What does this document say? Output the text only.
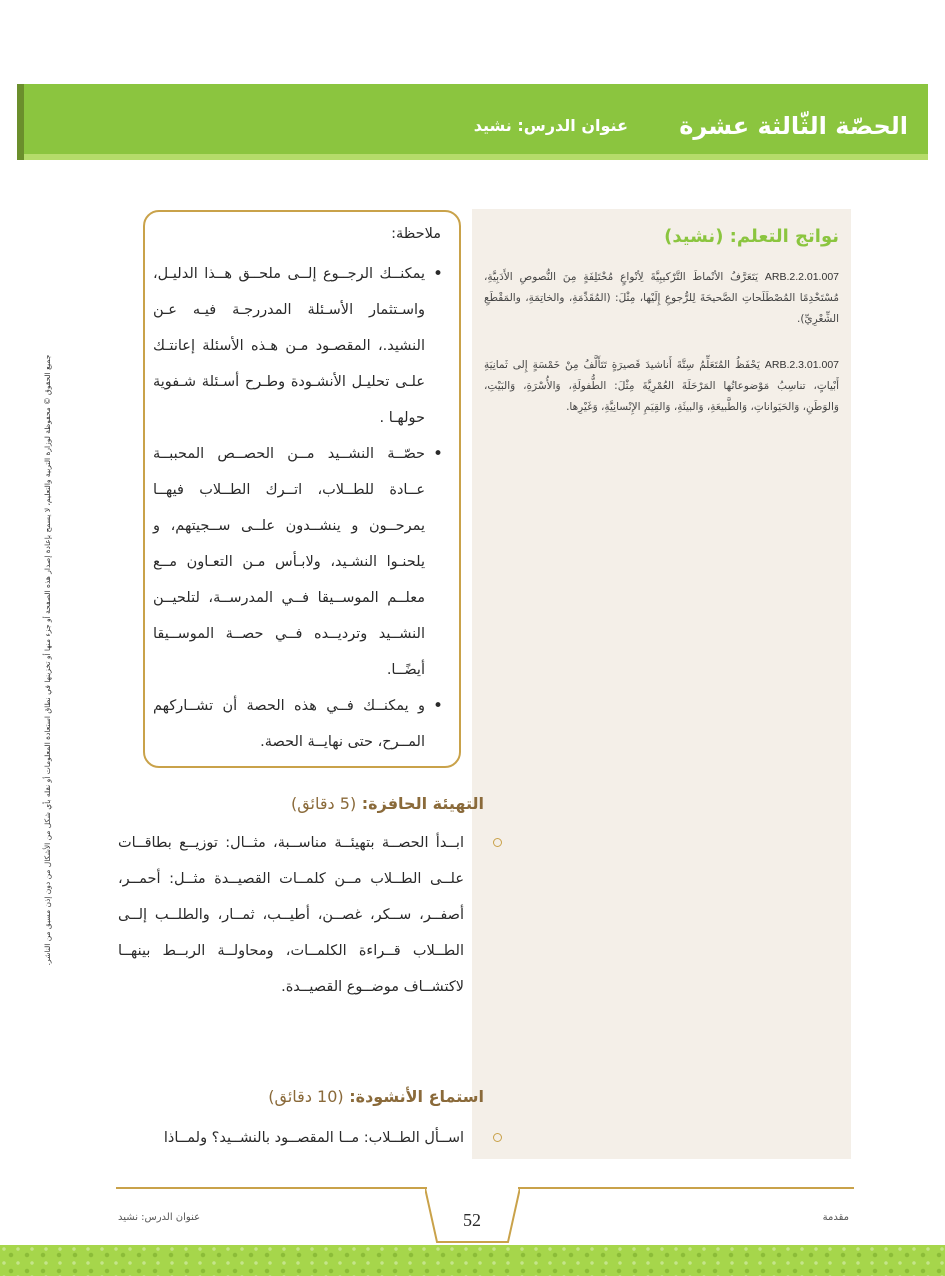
الحصّة الثّالثة عشرة
عنوان الدرس: نشيد
جميع الحقوق © محفوظة لوزارة التربية والتعليم، لا يسمح بإعادة إصدار هذه الصفحة أو جزء منها أو تخزينها في نطاق استعادة المعلومات أو نقله بأي شكل من الأشكال من دون إذن مسبق من الناشر.
نواتج التعلم: (نشيد)
ARB.2.2.01.007 يَتَعَرَّفُ الأنْماطَ التَّرْكيبِيَّةَ لِأنْواعٍ مُخْتَلِفَةٍ مِنَ النُّصوصِ الأَدَبِيَّةِ، مُسْتَخْدِمًا المُصْطَلَحاتِ الصَّحيحَةَ لِلرُّجوعِ إِلَيْها، مِثْلَ: (المُقَدِّمَةِ، والخاتِمَةِ، والمَقْطَعِ الشِّعْرِيِّ).
ARB.2.3.01.007 يَحْفَظُ المُتَعَلِّمُ سِتَّةَ أَناشيدَ قَصيرَةٍ تَتَأَلَّفُ مِنْ خَمْسَةٍ إِلى ثَمانِيَةِ أَبْياتٍ، تناسِبُ مَوْضوعاتُها المَرْحَلَةَ العُمْرِيَّةَ مِثْلَ: الطُّفولَةِ، وَالأُسْرَةِ، وَالبَيْتِ، وَالوَطَنِ، وَالحَيَواناتِ، وَالطَّبيعَةِ، وَالبيئَةِ، وَالقِيَمِ الإِنْسانِيَّةِ، وَغَيْرِها.
ملاحظة:
• يمكنــك الرجــوع إلــى ملحــق هــذا الدليـل، واسـتثمار الأسـئلة المدررجـة فيـه عـن النشيد.، المقصـود مـن هـذه الأسئلة إعانتـك علـى تحليـل الأنشـودة وطـرح أسـئلة شـفوية حولهـا .
• حصّــة النشــيد مــن الحصــص المحببــة عــادة للطــلاب، اتــرك الطــلاب فيهــا يمرحــون و ينشــدون علــى ســجيتهم، و يلحنـوا النشـيد، ولابـأس مـن التعـاون مــع معلــم الموســيقا فــي المدرســة، لتلحيــن النشــيد وترديــده فــي حصــة الموســيقا أيضًــا.
• و يمكنــك فــي هذه الحصة أن تشــاركهم المــرح، حتى نهايــة الحصة.
التهيئة الحافزة: (5 دقائق)
ابــدأ الحصــة بتهيئــة مناســبة، مثــال: توزيــع بطاقــات علــى الطــلاب مــن كلمــات القصيــدة مثــل: أحمــر، أصفــر، ســكر، غصــن، أطيــب، ثمــار، والطلــب إلــى الطــلاب قــراءة الكلمــات، ومحاولــة الربــط بينهــا لاكتشــاف موضــوع القصيــدة.
استماع الأنشودة: (10 دقائق)
اســأل الطــلاب: مــا المقصــود بالنشــيد؟ ولمــاذا
52
عنوان الدرس: نشيد	مقدمة
